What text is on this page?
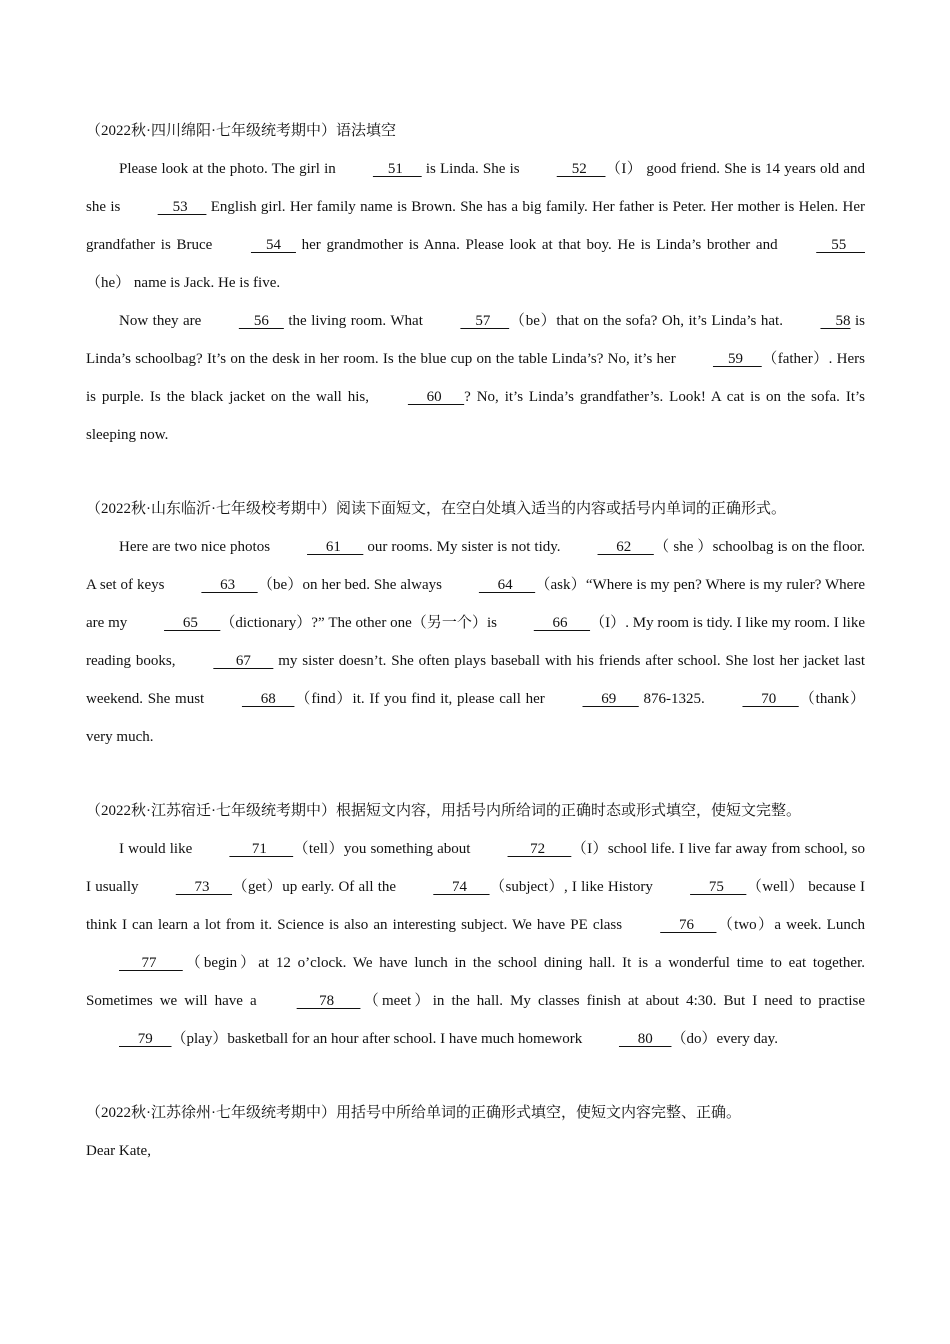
（2022秋·四川绵阳·七年级统考期中）语法填空

Please look at the photo. The girl in     51      is Linda. She is     52     （I） good friend. She is 14 years old and she is     53      English girl. Her family name is Brown. She has a big family. Her father is Peter. Her mother is Helen. Her grandfather is Bruce     54     her grandmother is Anna. Please look at that boy. He is Linda’s brother and     55     （he） name is Jack. He is five.

Now they are     56     the living room. What     57     （be）that on the sofa? Oh, it’s Linda’s hat.     58 is Linda’s schoolbag? It’s on the desk in her room. Is the blue cup on the table Linda’s? No, it’s her     59     （father）. Hers is purple. Is the black jacket on the wall his,      60      ? No, it’s Linda’s grandfather’s. Look! A cat is on the sofa. It’s sleeping now.

（2022秋·山东临沂·七年级校考期中）阅读下面短文，在空白处填入适当的内容或括号内单词的正确形式。

Here are two nice photos      61       our rooms. My sister is not tidy.      62      （ she ）schoolbag is on the floor. A set of keys      63      （be）on her bed. She always      64      （ask）“Where is my pen? Where is my ruler? Where are my      65      （dictionary）?” The other one（另一个）is      66      （I）. My room is tidy. I like my room. I like reading books,       67       my sister doesn’t. She often plays baseball with his friends after school. She lost her jacket last weekend. She must      68     （find）it. If you find it, please call her      69       876-1325.      70      （thank）very much.

（2022秋·江苏宿迁·七年级统考期中）根据短文内容，用括号内所给词的正确时态或形式填空，使短文完整。

I would like       71       （tell）you something about       72       （I）school life. I live far away from school, so I usually      73      （get）up early. Of all the      74      （subject）, I like History      75      （well） because I think I can learn a lot from it. Science is also an interesting subject. We have PE class      76      （two）a week. Lunch       77       （begin）at 12 o’clock. We have lunch in the school dining hall. It is a wonderful time to eat together. Sometimes we will have a       78       （meet）in the hall. My classes finish at about 4:30. But I need to practise      79     （play）basketball for an hour after school. I have much homework      80     （do）every day.

（2022秋·江苏徐州·七年级统考期中）用括号中所给单词的正确形式填空，使短文内容完整、正确。

Dear Kate,
